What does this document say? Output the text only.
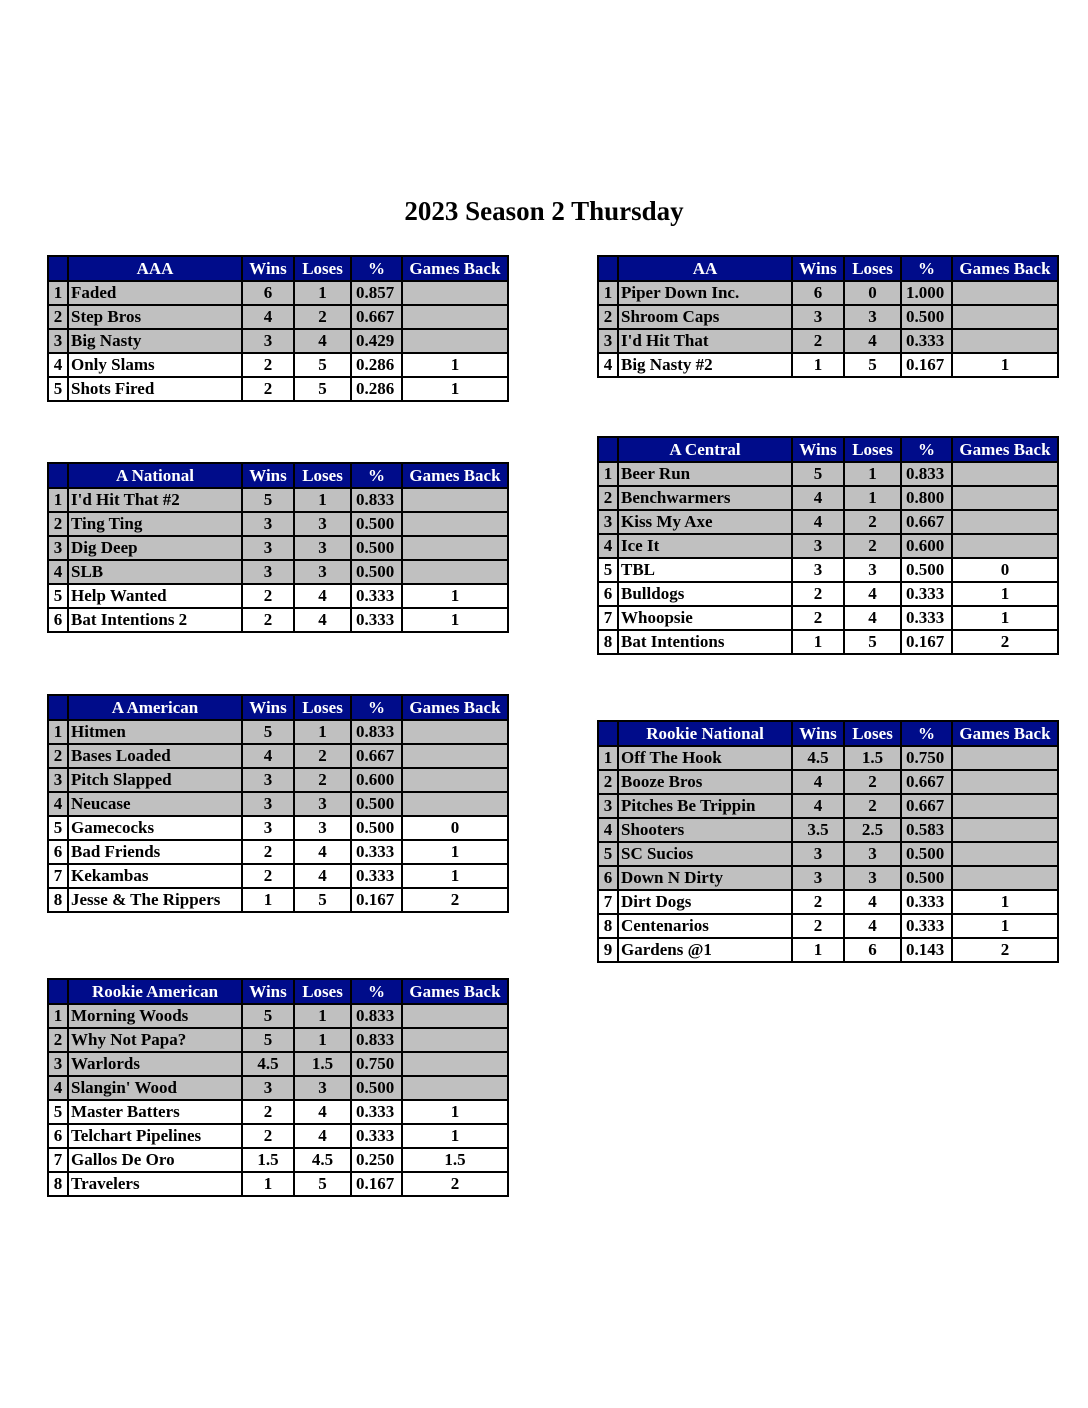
2023 Season 2 Thursday
	AAA	Wins	Loses	%	Games Back
1	Faded	6	1	0.857	
2	Step Bros	4	2	0.667	
3	Big Nasty	3	4	0.429	
4	Only Slams	2	5	0.286	1
5	Shots Fired	2	5	0.286	1
	AA	Wins	Loses	%	Games Back
1	Piper Down Inc.	6	0	1.000	
2	Shroom Caps	3	3	0.500	
3	I'd Hit That	2	4	0.333	
4	Big Nasty #2	1	5	0.167	1
	A National	Wins	Loses	%	Games Back
1	I'd Hit That #2	5	1	0.833	
2	Ting Ting	3	3	0.500	
3	Dig Deep	3	3	0.500	
4	SLB	3	3	0.500	
5	Help Wanted	2	4	0.333	1
6	Bat Intentions 2	2	4	0.333	1
	A Central	Wins	Loses	%	Games Back
1	Beer Run	5	1	0.833	
2	Benchwarmers	4	1	0.800	
3	Kiss My Axe	4	2	0.667	
4	Ice It	3	2	0.600	
5	TBL	3	3	0.500	0
6	Bulldogs	2	4	0.333	1
7	Whoopsie	2	4	0.333	1
8	Bat Intentions	1	5	0.167	2
	A American	Wins	Loses	%	Games Back
1	Hitmen	5	1	0.833	
2	Bases Loaded	4	2	0.667	
3	Pitch Slapped	3	2	0.600	
4	Neucase	3	3	0.500	
5	Gamecocks	3	3	0.500	0
6	Bad Friends	2	4	0.333	1
7	Kekambas	2	4	0.333	1
8	Jesse & The Rippers	1	5	0.167	2
	Rookie National	Wins	Loses	%	Games Back
1	Off The Hook	4.5	1.5	0.750	
2	Booze Bros	4	2	0.667	
3	Pitches Be Trippin	4	2	0.667	
4	Shooters	3.5	2.5	0.583	
5	SC Sucios	3	3	0.500	
6	Down N Dirty	3	3	0.500	
7	Dirt Dogs	2	4	0.333	1
8	Centenarios	2	4	0.333	1
9	Gardens @1	1	6	0.143	2
	Rookie American	Wins	Loses	%	Games Back
1	Morning Woods	5	1	0.833	
2	Why Not Papa?	5	1	0.833	
3	Warlords	4.5	1.5	0.750	
4	Slangin' Wood	3	3	0.500	
5	Master Batters	2	4	0.333	1
6	Telchart Pipelines	2	4	0.333	1
7	Gallos De Oro	1.5	4.5	0.250	1.5
8	Travelers	1	5	0.167	2
